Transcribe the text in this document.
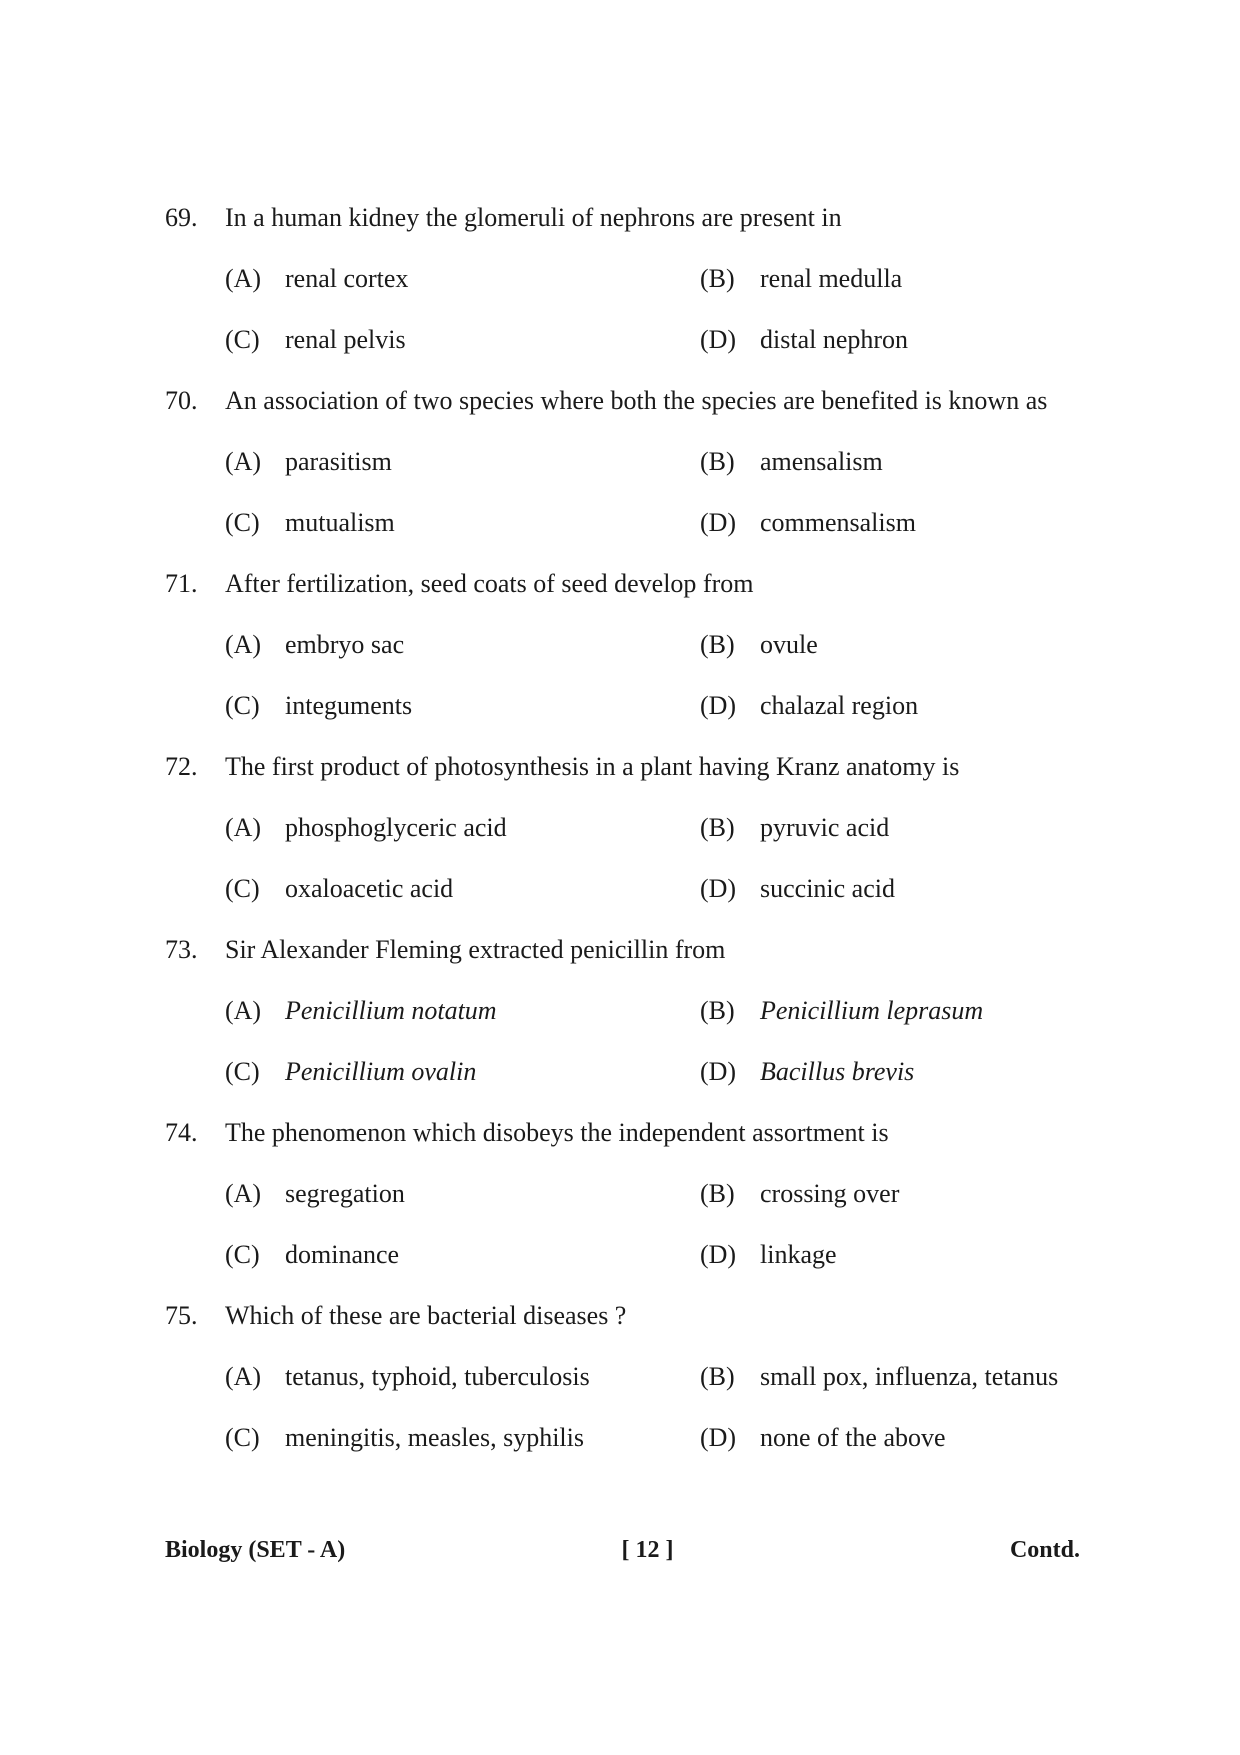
69. In a human kidney the glomeruli of nephrons are present in
(A) renal cortex	(B) renal medulla
(C) renal pelvis	(D) distal nephron
70. An association of two species where both the species are benefited is known as
(A) parasitism	(B) amensalism
(C) mutualism	(D) commensalism
71. After fertilization, seed coats of seed develop from
(A) embryo sac	(B) ovule
(C) integuments	(D) chalazal region
72. The first product of photosynthesis in a plant having Kranz anatomy is
(A) phosphoglyceric acid	(B) pyruvic acid
(C) oxaloacetic acid	(D) succinic acid
73. Sir Alexander Fleming extracted penicillin from
(A) Penicillium notatum	(B) Penicillium leprasum
(C) Penicillium ovalin	(D) Bacillus brevis
74. The phenomenon which disobeys the independent assortment is
(A) segregation	(B) crossing over
(C) dominance	(D) linkage
75. Which of these are bacterial diseases ?
(A) tetanus, typhoid, tuberculosis	(B) small pox, influenza, tetanus
(C) meningitis, measles, syphilis	(D) none of the above
Biology (SET - A)	[ 12 ]	Contd.
